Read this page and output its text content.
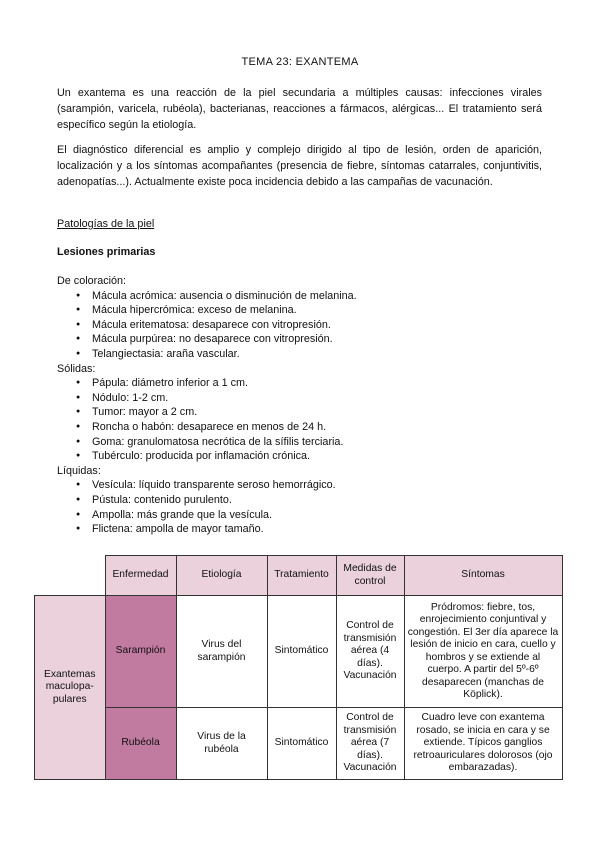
TEMA 23: EXANTEMA
Un exantema es una reacción de la piel secundaria a múltiples causas: infecciones virales (sarampión, varicela, rubéola), bacterianas, reacciones a fármacos, alérgicas... El tratamiento será específico según la etiología.
El diagnóstico diferencial es amplio y complejo dirigido al tipo de lesión, orden de aparición, localización y a los síntomas acompañantes (presencia de fiebre, síntomas catarrales, conjuntivitis, adenopatías...). Actualmente existe poca incidencia debido a las campañas de vacunación.
Patologías de la piel
Lesiones primarias
De coloración:
● Mácula acrómica: ausencia o disminución de melanina.
● Mácula hipercrómica: exceso de melanina.
● Mácula eritematosa: desaparece con vitropresión.
● Mácula purpúrea: no desaparece con vitropresión.
● Telangiectasia: araña vascular.
Sólidas:
● Pápula: diámetro inferior a 1 cm.
● Nódulo: 1-2 cm.
● Tumor: mayor a 2 cm.
● Roncha o habón: desaparece en menos de 24 h.
● Goma: granulomatosa necrótica de la sífilis terciaria.
● Tubérculo: producida por inflamación crónica.
Líquidas:
● Vesícula: líquido transparente seroso hemorrágico.
● Pústula: contenido purulento.
● Ampolla: más grande que la vesícula.
● Flictena: ampolla de mayor tamaño.
	Enfermedad	Etiología	Tratamiento	Medidas de control	Síntomas
Exantemas maculopa-pulares	Sarampión	Virus del sarampión	Sintomático	Control de transmisión aérea (4 días). Vacunación	Pródromos: fiebre, tos, enrojecimiento conjuntival y congestión. El 3er día aparece la lesión de inicio en cara, cuello y hombros y se extiende al cuerpo. A partir del 5º-6º desaparecen (manchas de Köplick).
	Rubéola	Virus de la rubéola	Sintomático	Control de transmisión aérea (7 días). Vacunación	Cuadro leve con exantema rosado, se inicia en cara y se extiende. Típicos ganglios retroauriculares dolorosos (ojo embarazadas).
